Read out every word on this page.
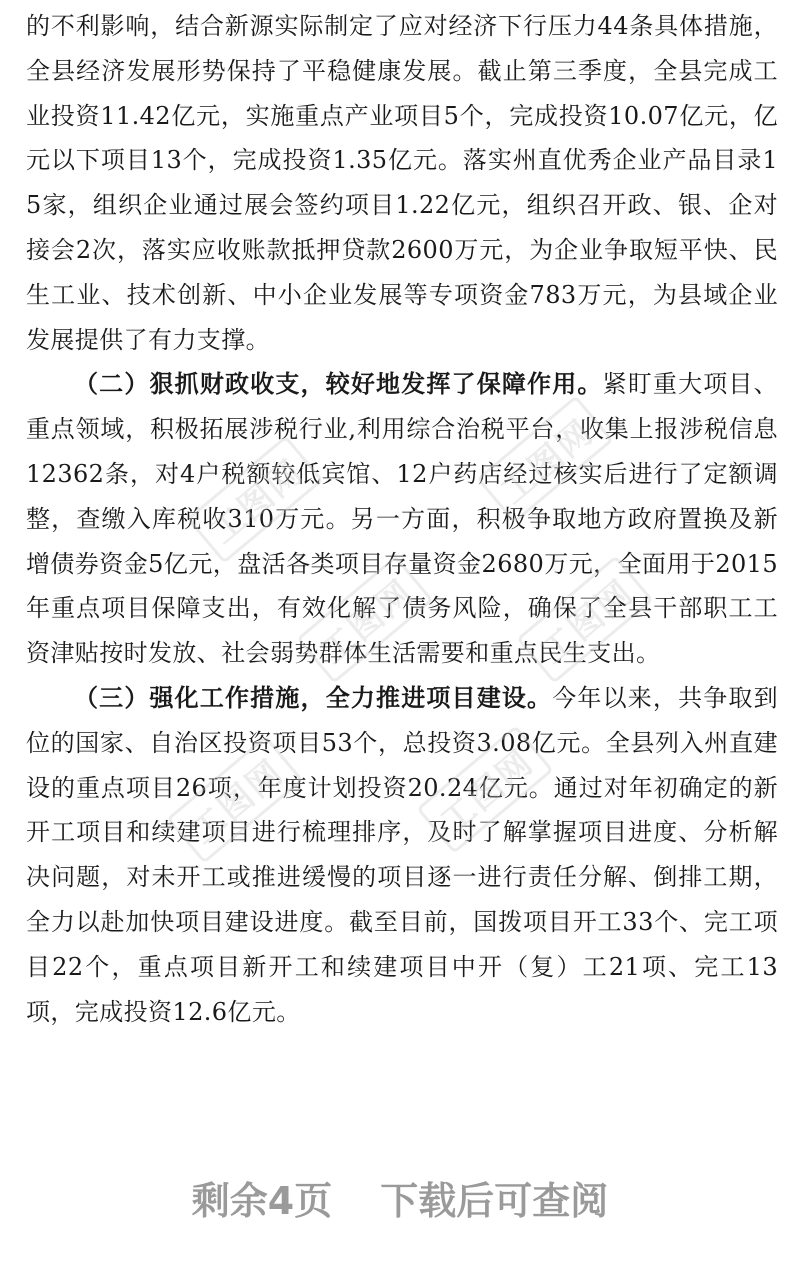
的不利影响，结合新源实际制定了应对经济下行压力44条具体措施，全县经济发展形势保持了平稳健康发展。截止第三季度，全县完成工业投资11.42亿元，实施重点产业项目5个，完成投资10.07亿元，亿元以下项目13个，完成投资1.35亿元。落实州直优秀企业产品目录15家，组织企业通过展会签约项目1.22亿元，组织召开政、银、企对接会2次，落实应收账款抵押贷款2600万元，为企业争取短平快、民生工业、技术创新、中小企业发展等专项资金783万元，为县域企业发展提供了有力支撑。

（二）狠抓财政收支，较好地发挥了保障作用。紧盯重大项目、重点领域，积极拓展涉税行业,利用综合治税平台，收集上报涉税信息12362条，对4户税额较低宾馆、12户药店经过核实后进行了定额调整，查缴入库税收310万元。另一方面，积极争取地方政府置换及新增债券资金5亿元，盘活各类项目存量资金2680万元，全面用于2015年重点项目保障支出，有效化解了债务风险，确保了全县干部职工工资津贴按时发放、社会弱势群体生活需要和重点民生支出。

（三）强化工作措施，全力推进项目建设。今年以来，共争取到位的国家、自治区投资项目53个，总投资3.08亿元。全县列入州直建设的重点项目26项，年度计划投资20.24亿元。通过对年初确定的新开工项目和续建项目进行梳理排序，及时了解掌握项目进度、分析解决问题，对未开工或推进缓慢的项目逐一进行责任分解、倒排工期，全力以赴加快项目建设进度。截至目前，国拨项目开工33个、完工项目22个，重点项目新开工和续建项目中开（复）工21项、完工13项，完成投资12.6亿元。

工图网	工图网
工图网	工图网
工图网	工图网
剩余4页 下载后可查阅
